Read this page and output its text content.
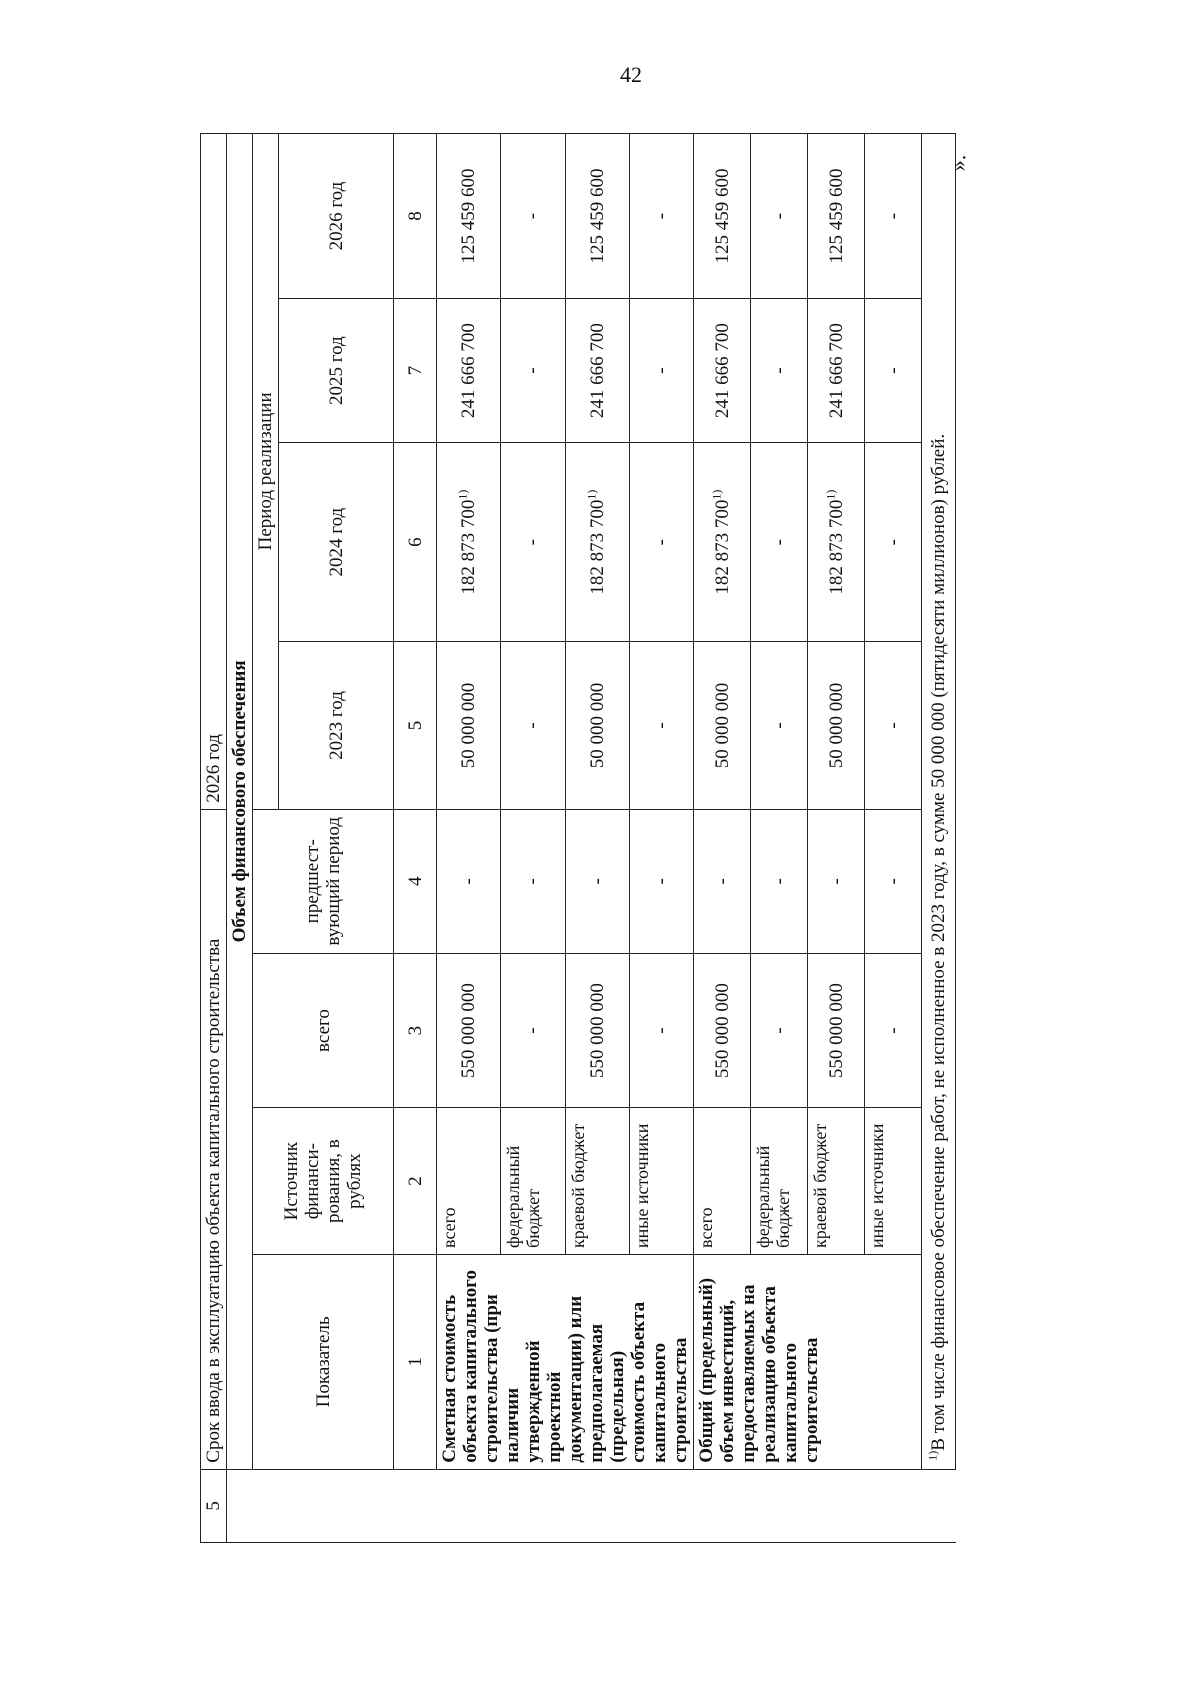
42
».
5	Срок ввода в эксплуатацию объекта капитального строительства				2026 год			
	Объем финансового обеспечения							
	Показатель	Источник финанси-рования, в рублях	всего	предшест-вующий период	Период реализации			
					2023 год	2024 год	2025 год	2026 год
	1	2	3	4	5	6	7	8
	Сметная стоимость объекта капитального строительства (при наличии утвержденной проектной документации) или предполагаемая (предельная) стоимость объекта капитального строительства	всего	550 000 000	-	50 000 000	182 873 700$^{1)}$	241 666 700	125 459 600
		федеральный бюджет	-	-	-	-	-	-
		краевой бюджет	550 000 000	-	50 000 000	182 873 700$^{1)}$	241 666 700	125 459 600
		иные источники	-	-	-	-	-	-
	Общий (предельный) объем инвестиций, предоставляемых на реализацию объекта капитального строительства	всего	550 000 000	-	50 000 000	182 873 700$^{1)}$	241 666 700	125 459 600
		федеральный бюджет	-	-	-	-	-	-
		краевой бюджет	550 000 000	-	50 000 000	182 873 700$^{1)}$	241 666 700	125 459 600
		иные источники	-	-	-	-	-	-
	$^{1)}$В том числе финансовое обеспечение работ, не исполненное в 2023 году, в сумме 50 000 000 (пятидесяти миллионов) рублей.							
